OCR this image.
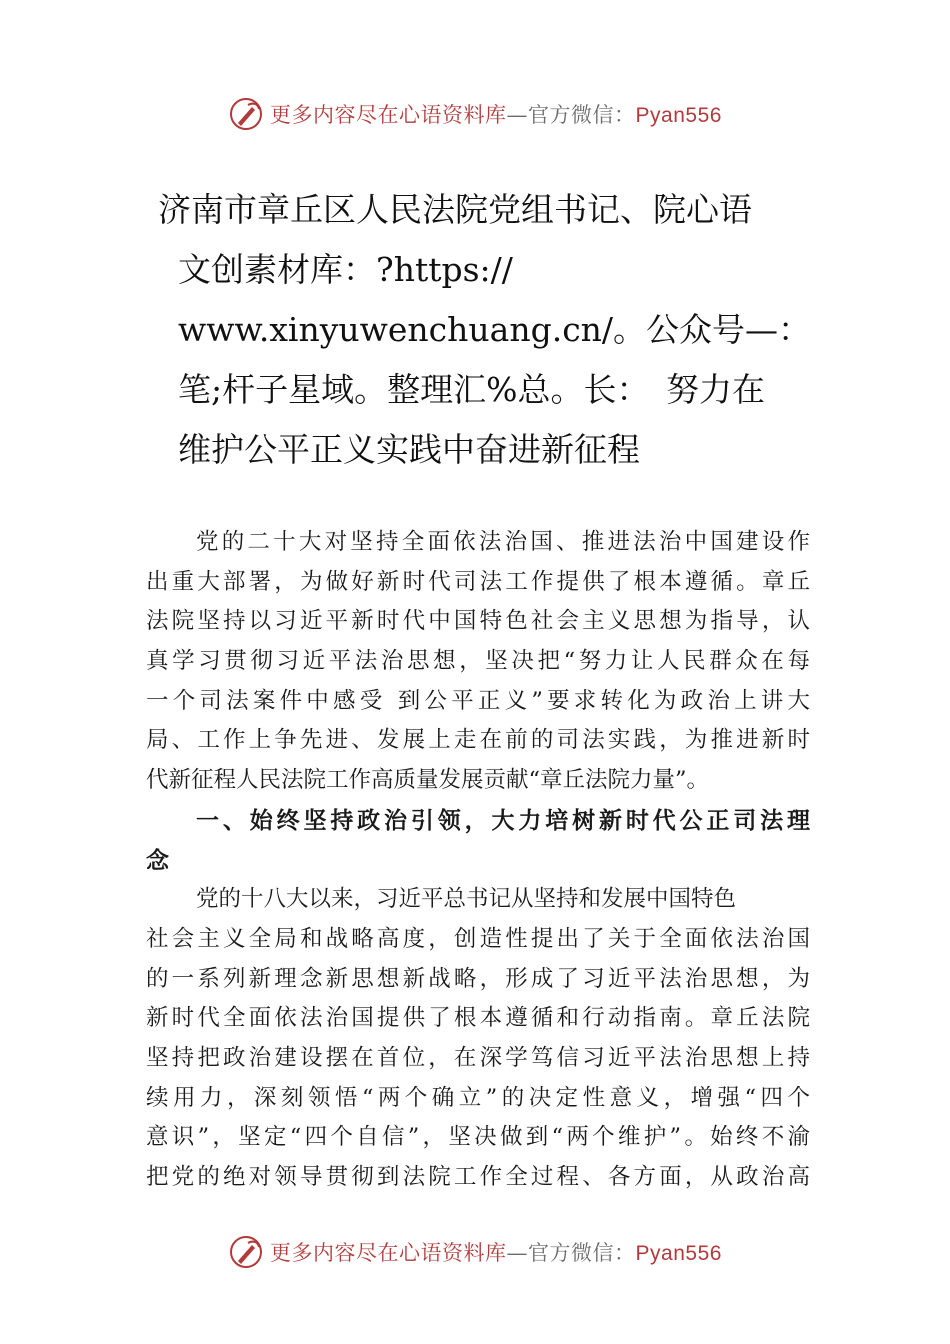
更多内容尽在心语资料库—官方微信：Pyan556
济南市章丘区人民法院党组书记、院心语
文创素材库：?https://
www.xinyuwenchuang.cn/。公众号—：
笔;杆子星域。整理汇%总。长：　努力在
维护公平正义实践中奋进新征程
党的二十大对坚持全面依法治国、推进法治中国建设作
出重大部署，为做好新时代司法工作提供了根本遵循。章丘
法院坚持以习近平新时代中国特色社会主义思想为指导，认
真学习贯彻习近平法治思想，坚决把“努力让人民群众在每
一个司法案件中感受 到公平正义”要求转化为政治上讲大
局、工作上争先进、发展上走在前的司法实践，为推进新时
代新征程人民法院工作高质量发展贡献“章丘法院力量”。
一、始终坚持政治引领，大力培树新时代公正司法理
念
党的十八大以来，习近平总书记从坚持和发展中国特色
社会主义全局和战略高度，创造性提出了关于全面依法治国
的一系列新理念新思想新战略，形成了习近平法治思想，为
新时代全面依法治国提供了根本遵循和行动指南。章丘法院
坚持把政治建设摆在首位，在深学笃信习近平法治思想上持
续用力，深刻领悟“两个确立”的决定性意义，增强“四个
意识”，坚定“四个自信”，坚决做到“两个维护”。始终不渝
把党的绝对领导贯彻到法院工作全过程、各方面，从政治高
更多内容尽在心语资料库—官方微信：Pyan556
